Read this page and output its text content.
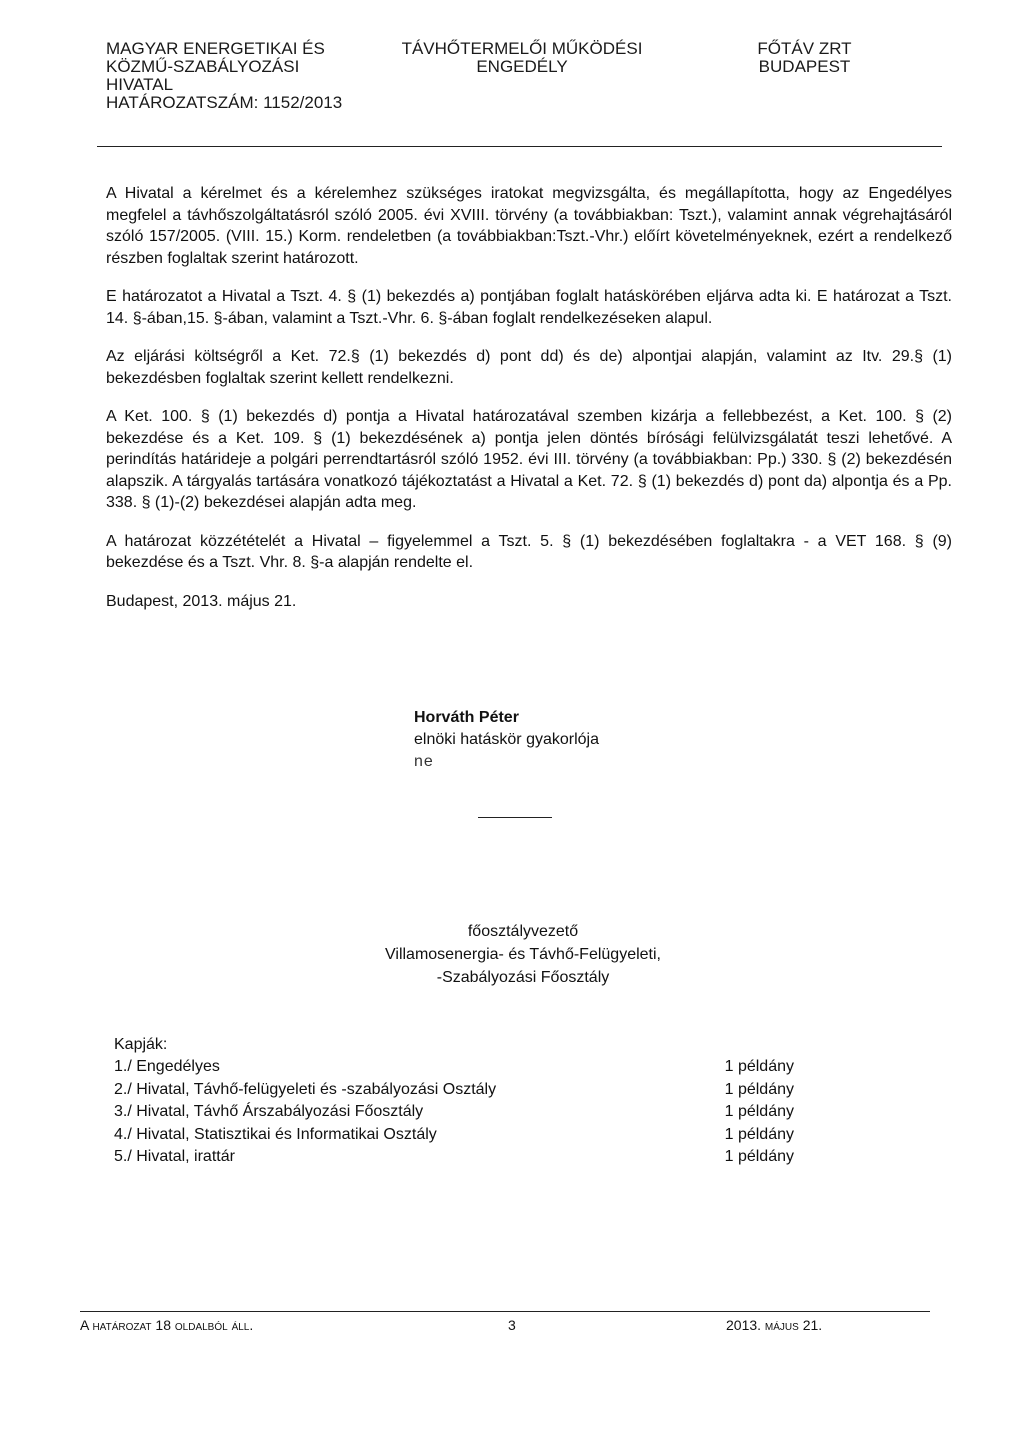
MAGYAR ENERGETIKAI ÉS
KÖZMŰ-SZABÁLYOZÁSI
HIVATAL
HATÁROZATSZÁM: 1152/2013
TÁVHŐTERMELŐI MŰKÖDÉSI
ENGEDÉLY
FŐTÁV ZRT
BUDAPEST

A Hivatal a kérelmet és a kérelemhez szükséges iratokat megvizsgálta, és megállapította, hogy az Engedélyes megfelel a távhőszolgáltatásról szóló 2005. évi XVIII. törvény (a továbbiakban: Tszt.), valamint annak végrehajtásáról szóló 157/2005. (VIII. 15.) Korm. rendeletben (a továbbiakban:Tszt.-Vhr.) előírt követelményeknek, ezért a rendelkező részben foglaltak szerint határozott.

E határozatot a Hivatal a Tszt. 4. § (1) bekezdés a) pontjában foglalt hatáskörében eljárva adta ki. E határozat a Tszt. 14. §-ában,15. §-ában, valamint a Tszt.-Vhr. 6. §-ában foglalt rendelkezéseken alapul.

Az eljárási költségről a Ket. 72.§ (1) bekezdés d) pont dd) és de) alpontjai alapján, valamint az Itv. 29.§ (1) bekezdésben foglaltak szerint kellett rendelkezni.

A Ket. 100. § (1) bekezdés d) pontja a Hivatal határozatával szemben kizárja a fellebbezést, a Ket. 100. § (2) bekezdése és a Ket. 109. § (1) bekezdésének a) pontja jelen döntés bírósági felülvizsgálatát teszi lehetővé. A perindítás határideje a polgári perrendtartásról szóló 1952. évi III. törvény (a továbbiakban: Pp.) 330. § (2) bekezdésén alapszik. A tárgyalás tartására vonatkozó tájékoztatást a Hivatal a Ket. 72. § (1) bekezdés d) pont da) alpontja és a Pp. 338. § (1)-(2) bekezdései alapján adta meg.

A határozat közzétételét a Hivatal – figyelemmel a Tszt. 5. § (1) bekezdésében foglaltakra - a VET 168. § (9) bekezdése és a Tszt. Vhr. 8. §-a alapján rendelte el.

Budapest, 2013. május 21.

Horváth Péter
elnöki hatáskör gyakorlója
ne
főosztályvezető
Villamosenergia- és Távhő-Felügyeleti,
-Szabályozási Főosztály
Kapják:
1./ Engedélyes	1 példány
2./ Hivatal, Távhő-felügyeleti és -szabályozási Osztály	1 példány
3./ Hivatal, Távhő Árszabályozási Főosztály	1 példány
4./ Hivatal, Statisztikai és Informatikai Osztály	1 példány
5./ Hivatal, irattár	1 példány
A határozat 18 oldalból áll.	3	2013. május 21.
